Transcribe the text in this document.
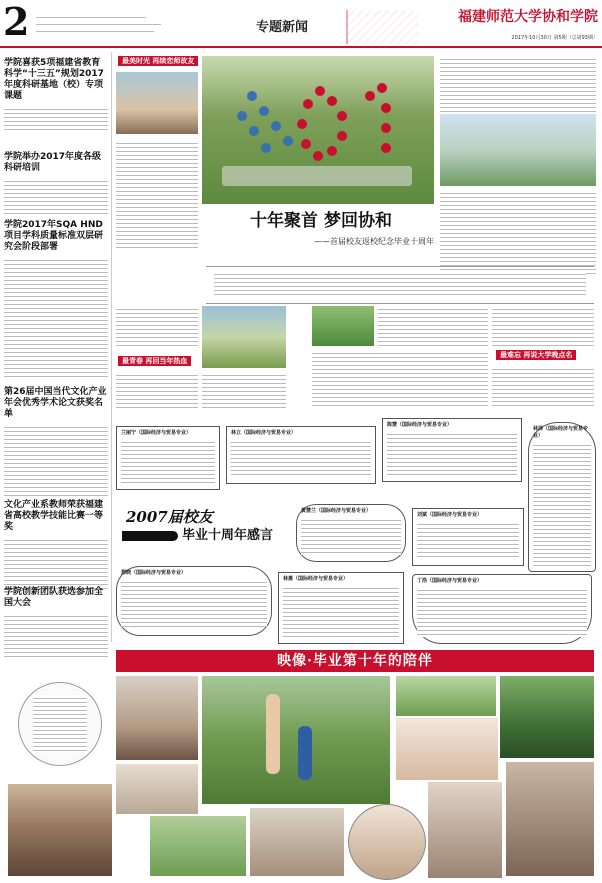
2	专题新闻
福建师范大学协和学院
2017年10月30日 第5期（总第93期）
学院喜获5项福建省教育科学“十三五”规划2017年度科研基地（校）专项课题
学院举办2017年度各级科研培训
学院2017年SQA HND项目学科质量标准双层研究会阶段部署
第26届中国当代文化产业年会优秀学术论文获奖名单
文化产业系教师荣获福建省高校教学技能比赛一等奖
学院创新团队获选参加全国大会
最美时光 再续恋师故友
十年聚首 梦回协和
——首届校友返校纪念毕业十周年
最青春 再回当年热血
最难忘 再说大学晚点名
兰丽宁（国际经济与贸易专业）	林立（国际经济与贸易专业）
陈慧（国际经济与贸易专业）
林泽（国际经济与贸易专业）
2007届校友
毕业十周年感言
黄慧兰（国际经济与贸易专业）
刘斌（国际经济与贸易专业）
郑晓（国际经济与贸易专业）
林惠（国际经济与贸易专业）	丁浩（国际经济与贸易专业）
映像·毕业第十年的陪伴
